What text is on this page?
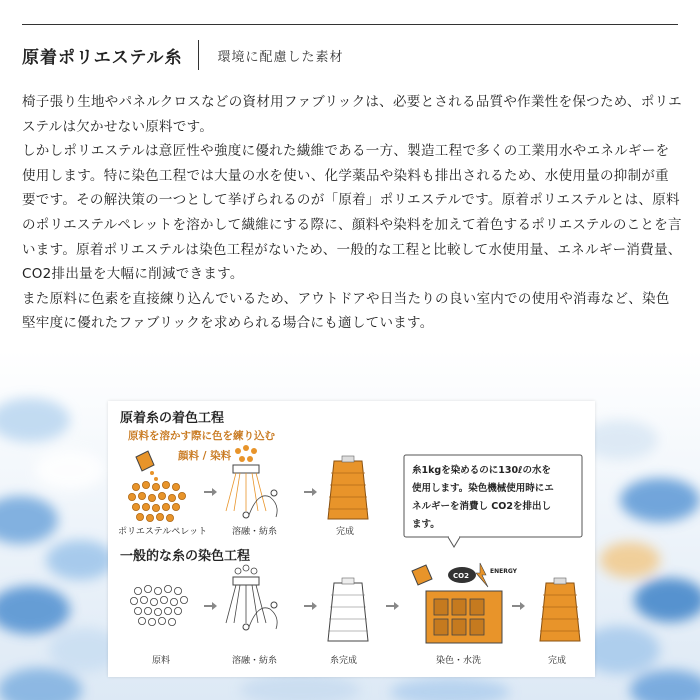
原着ポリエステル糸	環境に配慮した素材

椅子張り生地やパネルクロスなどの資材用ファブリックは、必要とされる品質や作業性を保つため、ポリエステルは欠かせない原料です。

しかしポリエステルは意匠性や強度に優れた繊維である一方、製造工程で多くの工業用水やエネルギーを使用します。特に染色工程では大量の水を使い、化学薬品や染料も排出されるため、水使用量の抑制が重要です。その解決策の一つとして挙げられるのが「原着」ポリエステルです。原着ポリエステルとは、原料のポリエステルペレットを溶かして繊維にする際に、顔料や染料を加えて着色するポリエステルのことを言います。原着ポリエステルは染色工程がないため、一般的な工程と比較して水使用量、エネルギー消費量、CO2排出量を大幅に削減できます。

また原料に色素を直接練り込んでいるため、アウトドアや日当たりの良い室内での使用や消毒など、染色堅牢度に優れたファブリックを求められる場合にも適しています。

原着糸の着色工程
原料を溶かす際に色を練り込む
顔料 / 染料
ポリエステルペレット	溶融・紡糸	完成
糸1kgを染めるのに130ℓの水を
使用します。染色機械使用時にエ
ネルギーを消費し CO2を排出し
ます。
一般的な糸の染色工程
原料	溶融・紡糸	糸完成
CO2
ENERGY
染色・水洗	完成
